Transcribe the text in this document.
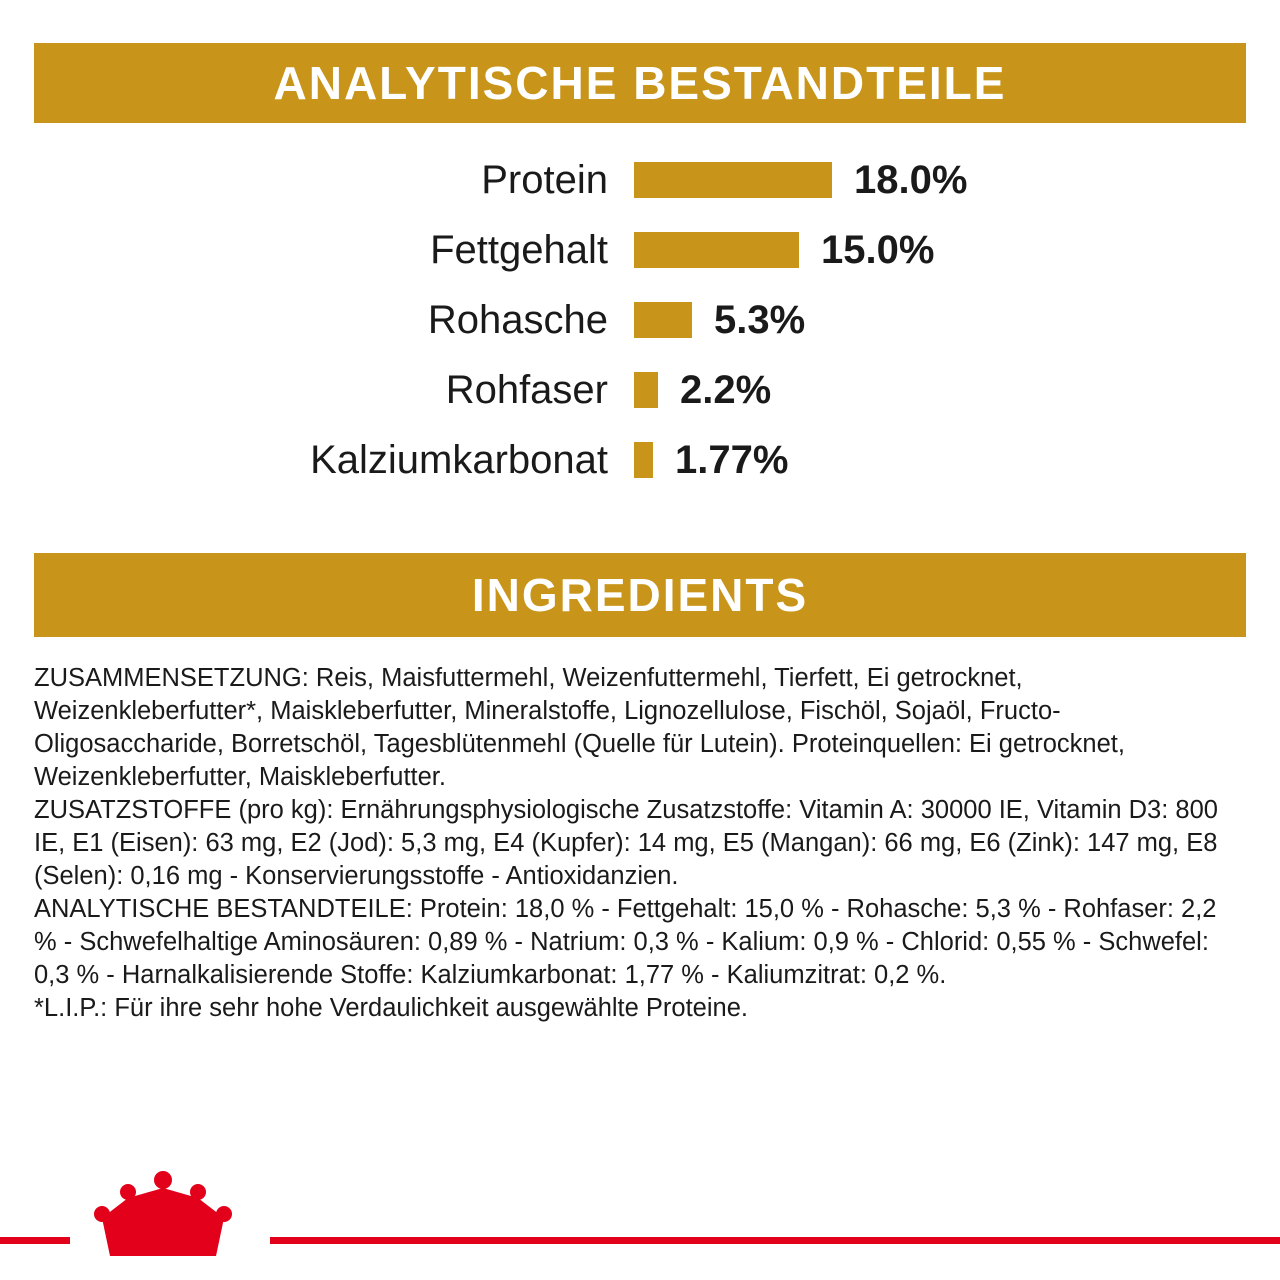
ANALYTISCHE BESTANDTEILE
Protein	18.0%
Fettgehalt	15.0%
Rohasche	5.3%
Rohfaser	2.2%
Kalziumkarbonat	1.77%
INGREDIENTS

ZUSAMMENSETZUNG: Reis, Maisfuttermehl, Weizenfuttermehl, Tierfett, Ei getrocknet, Weizenkleberfutter*, Maiskleberfutter, Mineralstoffe, Lignozellulose, Fischöl, Sojaöl, Fructo-Oligosaccharide, Borretschöl, Tagesblütenmehl (Quelle für Lutein). Proteinquellen: Ei getrocknet, Weizenkleberfutter, Maiskleberfutter.

ZUSATZSTOFFE (pro kg): Ernährungsphysiologische Zusatzstoffe: Vitamin A: 30000 IE, Vitamin D3: 800 IE, E1 (Eisen): 63 mg, E2 (Jod): 5,3 mg, E4 (Kupfer): 14 mg, E5 (Mangan): 66 mg, E6 (Zink): 147 mg, E8 (Selen): 0,16 mg - Konservierungsstoffe - Antioxidanzien.

ANALYTISCHE BESTANDTEILE: Protein: 18,0 % - Fettgehalt: 15,0 % - Rohasche: 5,3 % - Rohfaser: 2,2 % - Schwefelhaltige Aminosäuren: 0,89 % - Natrium: 0,3 % - Kalium: 0,9 % - Chlorid: 0,55 % - Schwefel: 0,3 % - Harnalkalisierende Stoffe: Kalziumkarbonat: 1,77 % - Kaliumzitrat: 0,2 %.

*L.I.P.: Für ihre sehr hohe Verdaulichkeit ausgewählte Proteine.
